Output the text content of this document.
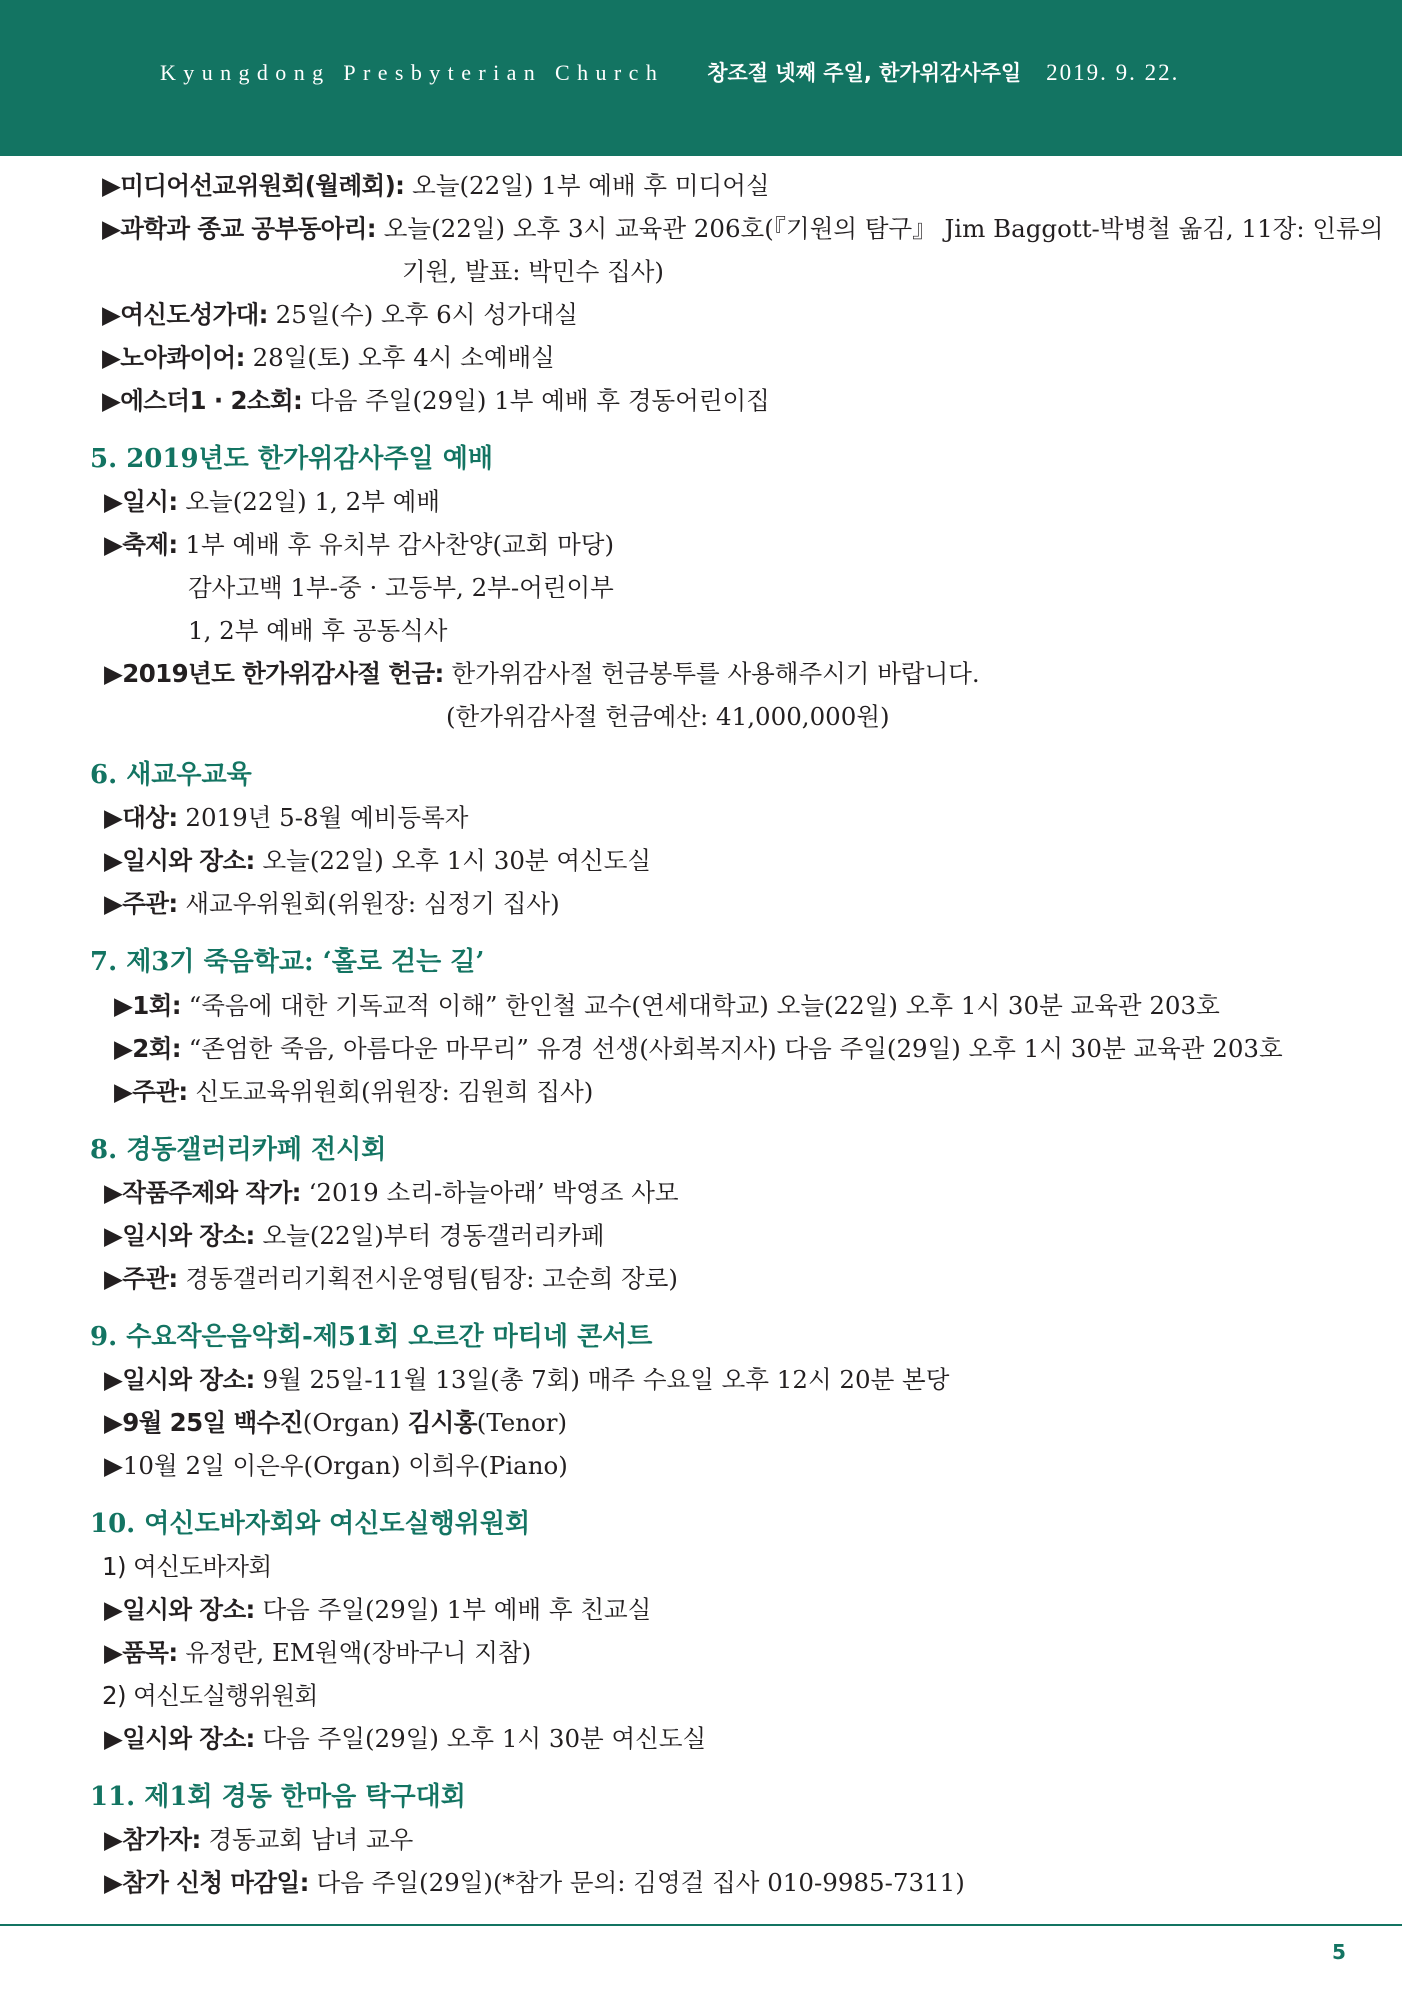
Kyungdong Presbyterian Church 창조절 넷째 주일, 한가위감사주일 2019. 9. 22.
▶미디어선교위원회(월례회): 오늘(22일) 1부 예배 후 미디어실
▶과학과 종교 공부동아리: 오늘(22일) 오후 3시 교육관 206호(『기원의 탐구』 Jim Baggott-박병철 옮김, 11장: 인류의
기원, 발표: 박민수 집사)
▶여신도성가대: 25일(수) 오후 6시 성가대실
▶노아콰이어: 28일(토) 오후 4시 소예배실
▶에스더1 · 2소회: 다음 주일(29일) 1부 예배 후 경동어린이집
5. 2019년도 한가위감사주일 예배
▶일시: 오늘(22일) 1, 2부 예배
▶축제: 1부 예배 후 유치부 감사찬양(교회 마당)
감사고백 1부-중 · 고등부, 2부-어린이부
1, 2부 예배 후 공동식사
▶2019년도 한가위감사절 헌금: 한가위감사절 헌금봉투를 사용해주시기 바랍니다.
(한가위감사절 헌금예산: 41,000,000원)
6. 새교우교육
▶대상: 2019년 5-8월 예비등록자
▶일시와 장소: 오늘(22일) 오후 1시 30분 여신도실
▶주관: 새교우위원회(위원장: 심정기 집사)
7. 제3기 죽음학교: ‘홀로 걷는 길’
▶1회: “죽음에 대한 기독교적 이해” 한인철 교수(연세대학교) 오늘(22일) 오후 1시 30분 교육관 203호
▶2회: “존엄한 죽음, 아름다운 마무리” 유경 선생(사회복지사) 다음 주일(29일) 오후 1시 30분 교육관 203호
▶주관: 신도교육위원회(위원장: 김원희 집사)
8. 경동갤러리카페 전시회
▶작품주제와 작가: ‘2019 소리-하늘아래’ 박영조 사모
▶일시와 장소: 오늘(22일)부터 경동갤러리카페
▶주관: 경동갤러리기획전시운영팀(팀장: 고순희 장로)
9. 수요작은음악회-제51회 오르간 마티네 콘서트
▶일시와 장소: 9월 25일-11월 13일(총 7회) 매주 수요일 오후 12시 20분 본당
▶9월 25일 백수진(Organ) 김시홍(Tenor)
▶10월 2일 이은우(Organ) 이희우(Piano)
10. 여신도바자회와 여신도실행위원회
1) 여신도바자회
▶일시와 장소: 다음 주일(29일) 1부 예배 후 친교실
▶품목: 유정란, EM원액(장바구니 지참)
2) 여신도실행위원회
▶일시와 장소: 다음 주일(29일) 오후 1시 30분 여신도실
11. 제1회 경동 한마음 탁구대회
▶참가자: 경동교회 남녀 교우
▶참가 신청 마감일: 다음 주일(29일)(*참가 문의: 김영걸 집사 010-9985-7311)
5
